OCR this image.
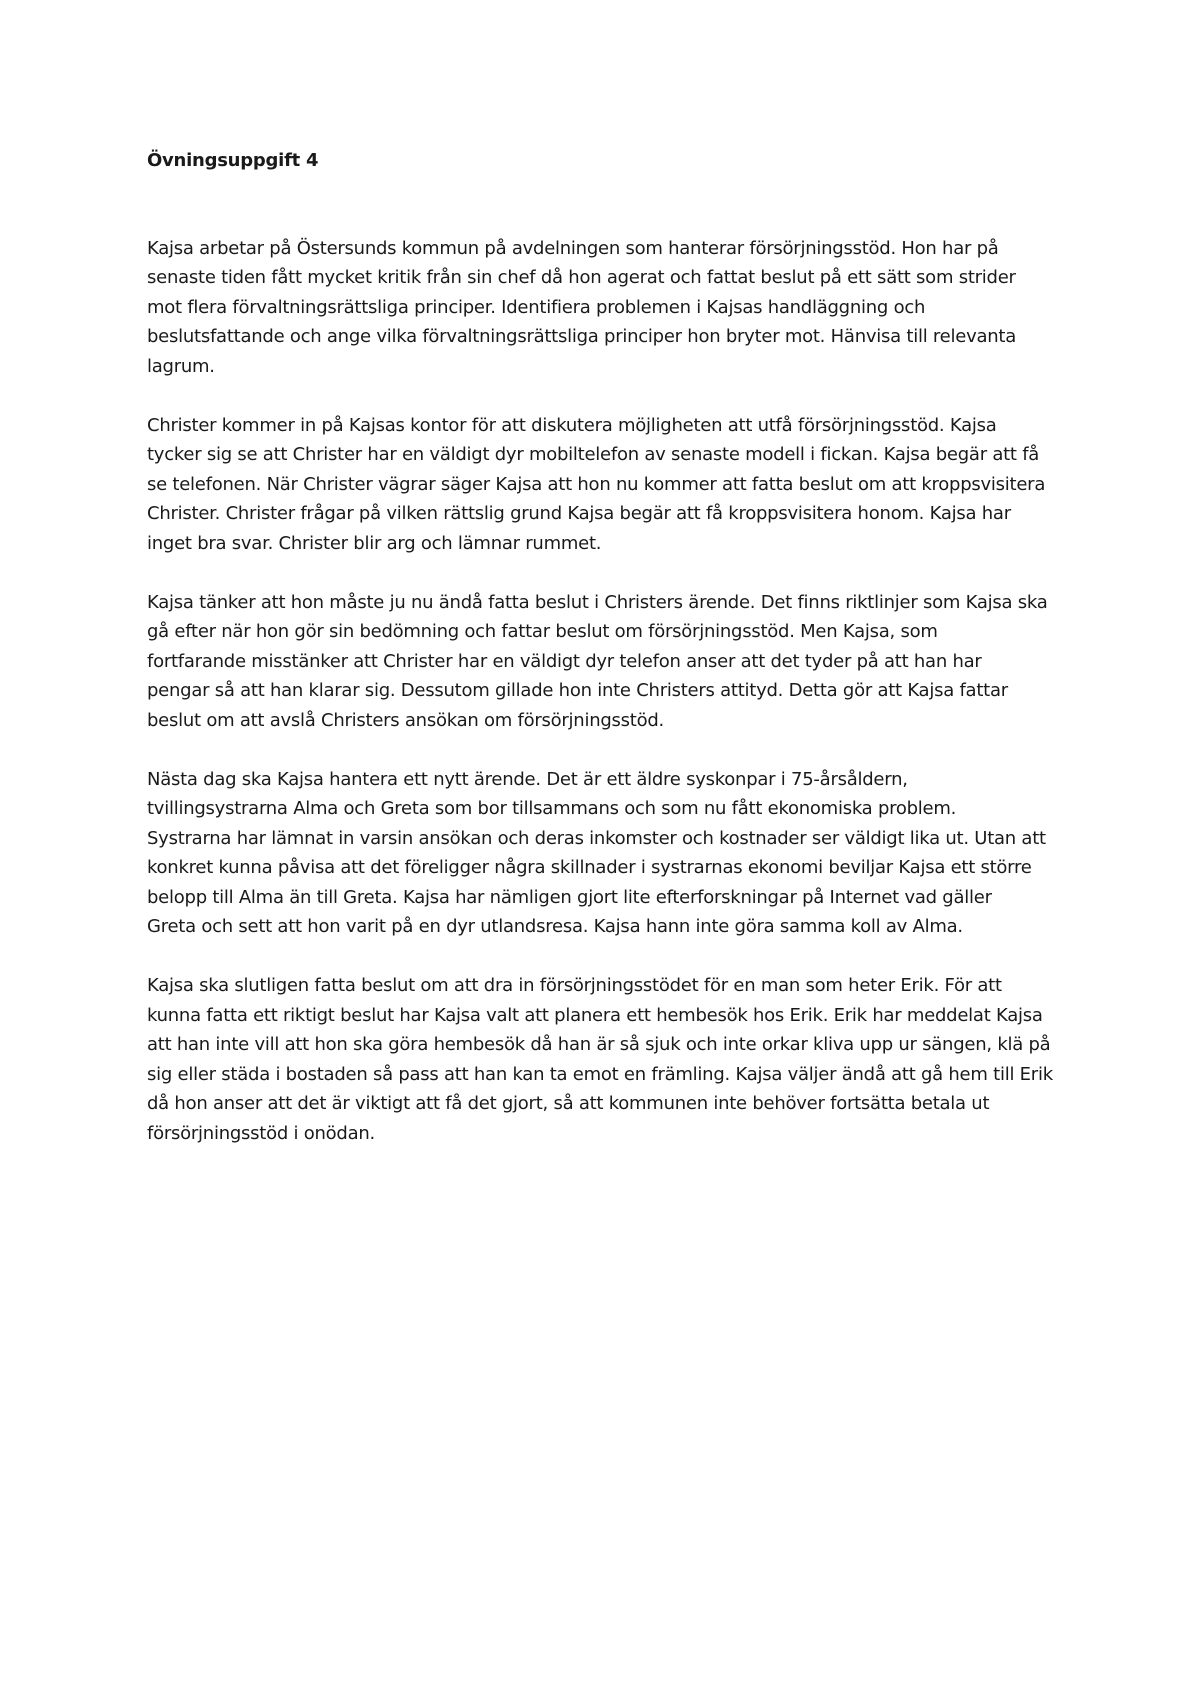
Övningsuppgift 4
Kajsa arbetar på Östersunds kommun på avdelningen som hanterar försörjningsstöd. Hon har på
senaste tiden fått mycket kritik från sin chef då hon agerat och fattat beslut på ett sätt som strider
mot flera förvaltningsrättsliga principer. Identifiera problemen i Kajsas handläggning och
beslutsfattande och ange vilka förvaltningsrättsliga principer hon bryter mot. Hänvisa till relevanta
lagrum.
Christer kommer in på Kajsas kontor för att diskutera möjligheten att utfå försörjningsstöd. Kajsa
tycker sig se att Christer har en väldigt dyr mobiltelefon av senaste modell i fickan. Kajsa begär att få
se telefonen. När Christer vägrar säger Kajsa att hon nu kommer att fatta beslut om att kroppsvisitera
Christer. Christer frågar på vilken rättslig grund Kajsa begär att få kroppsvisitera honom. Kajsa har
inget bra svar. Christer blir arg och lämnar rummet.
Kajsa tänker att hon måste ju nu ändå fatta beslut i Christers ärende. Det finns riktlinjer som Kajsa ska
gå efter när hon gör sin bedömning och fattar beslut om försörjningsstöd. Men Kajsa, som
fortfarande misstänker att Christer har en väldigt dyr telefon anser att det tyder på att han har
pengar så att han klarar sig. Dessutom gillade hon inte Christers attityd. Detta gör att Kajsa fattar
beslut om att avslå Christers ansökan om försörjningsstöd.
Nästa dag ska Kajsa hantera ett nytt ärende. Det är ett äldre syskonpar i 75-årsåldern,
tvillingsystrarna Alma och Greta som bor tillsammans och som nu fått ekonomiska problem.
Systrarna har lämnat in varsin ansökan och deras inkomster och kostnader ser väldigt lika ut. Utan att
konkret kunna påvisa att det föreligger några skillnader i systrarnas ekonomi beviljar Kajsa ett större
belopp till Alma än till Greta. Kajsa har nämligen gjort lite efterforskningar på Internet vad gäller
Greta och sett att hon varit på en dyr utlandsresa. Kajsa hann inte göra samma koll av Alma.
Kajsa ska slutligen fatta beslut om att dra in försörjningsstödet för en man som heter Erik. För att
kunna fatta ett riktigt beslut har Kajsa valt att planera ett hembesök hos Erik. Erik har meddelat Kajsa
att han inte vill att hon ska göra hembesök då han är så sjuk och inte orkar kliva upp ur sängen, klä på
sig eller städa i bostaden så pass att han kan ta emot en främling. Kajsa väljer ändå att gå hem till Erik
då hon anser att det är viktigt att få det gjort, så att kommunen inte behöver fortsätta betala ut
försörjningsstöd i onödan.
